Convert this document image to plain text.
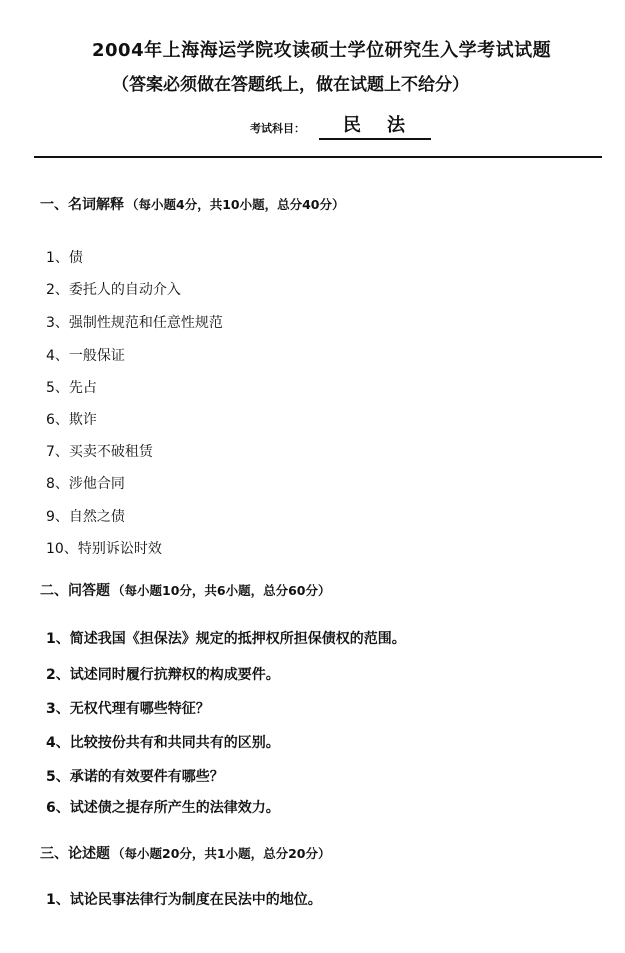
2004年上海海运学院攻读硕士学位研究生入学考试试题
（答案必须做在答题纸上，做在试题上不给分）
考试科目：	民法
一、名词解释 （每小题4分，共10小题，总分40分）
1、债
2、委托人的自动介入
3、强制性规范和任意性规范
4、一般保证
5、先占
6、欺诈
7、买卖不破租赁
8、涉他合同
9、自然之债
10、特别诉讼时效
二、问答题 （每小题10分，共6小题，总分60分）
1、简述我国《担保法》规定的抵押权所担保债权的范围。
2、试述同时履行抗辩权的构成要件。
3、无权代理有哪些特征？
4、比较按份共有和共同共有的区别。
5、承诺的有效要件有哪些？
6、试述债之提存所产生的法律效力。
三、论述题 （每小题20分，共1小题，总分20分）
1、试论民事法律行为制度在民法中的地位。
